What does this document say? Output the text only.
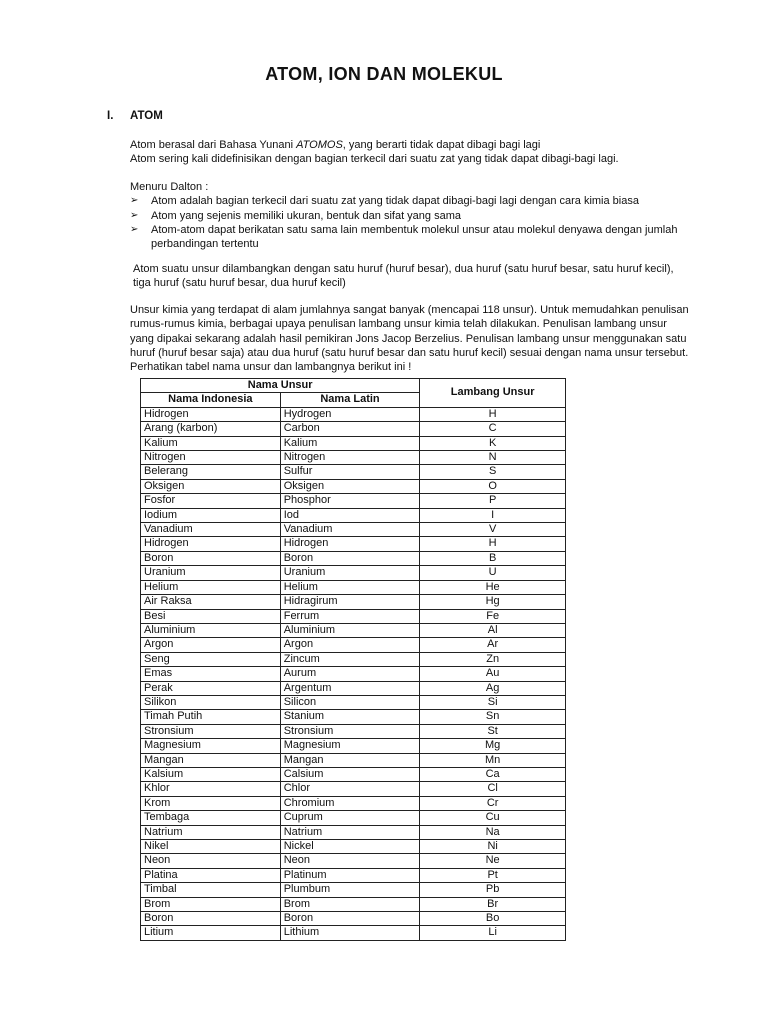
ATOM, ION DAN MOLEKUL
I. ATOM
Atom berasal dari Bahasa Yunani ATOMOS, yang berarti tidak dapat dibagi bagi lagi
Atom sering kali didefinisikan dengan bagian terkecil dari suatu zat yang tidak dapat dibagi-bagi lagi.
Menuru Dalton :
➢ Atom adalah bagian terkecil dari suatu zat yang tidak dapat dibagi-bagi lagi dengan cara kimia biasa
➢ Atom yang sejenis memiliki ukuran, bentuk dan sifat yang sama
➢ Atom-atom dapat berikatan satu sama lain membentuk molekul unsur atau molekul denyawa dengan jumlah perbandingan tertentu
Atom suatu unsur dilambangkan dengan satu huruf (huruf besar), dua huruf (satu huruf besar, satu huruf kecil),
tiga huruf (satu huruf besar, dua huruf kecil)
Unsur kimia yang terdapat di alam jumlahnya sangat banyak (mencapai 118 unsur). Untuk memudahkan penulisan
rumus-rumus kimia, berbagai upaya penulisan lambang unsur kimia telah dilakukan. Penulisan lambang unsur
yang dipakai sekarang adalah hasil pemikiran Jons Jacop Berzelius. Penulisan lambang unsur menggunakan satu
huruf (huruf besar saja) atau dua huruf (satu huruf besar dan satu huruf kecil) sesuai dengan nama unsur tersebut.
Perhatikan tabel nama unsur dan lambangnya berikut ini !
Nama Unsur		Lambang Unsur
Nama Indonesia	Nama Latin	
Hidrogen	Hydrogen	H
Arang (karbon)	Carbon	C
Kalium	Kalium	K
Nitrogen	Nitrogen	N
Belerang	Sulfur	S
Oksigen	Oksigen	O
Fosfor	Phosphor	P
Iodium	Iod	I
Vanadium	Vanadium	V
Hidrogen	Hidrogen	H
Boron	Boron	B
Uranium	Uranium	U
Helium	Helium	He
Air Raksa	Hidragirum	Hg
Besi	Ferrum	Fe
Aluminium	Aluminium	Al
Argon	Argon	Ar
Seng	Zincum	Zn
Emas	Aurum	Au
Perak	Argentum	Ag
Silikon	Silicon	Si
Timah Putih	Stanium	Sn
Stronsium	Stronsium	St
Magnesium	Magnesium	Mg
Mangan	Mangan	Mn
Kalsium	Calsium	Ca
Khlor	Chlor	Cl
Krom	Chromium	Cr
Tembaga	Cuprum	Cu
Natrium	Natrium	Na
Nikel	Nickel	Ni
Neon	Neon	Ne
Platina	Platinum	Pt
Timbal	Plumbum	Pb
Brom	Brom	Br
Boron	Boron	Bo
Litium	Lithium	Li
